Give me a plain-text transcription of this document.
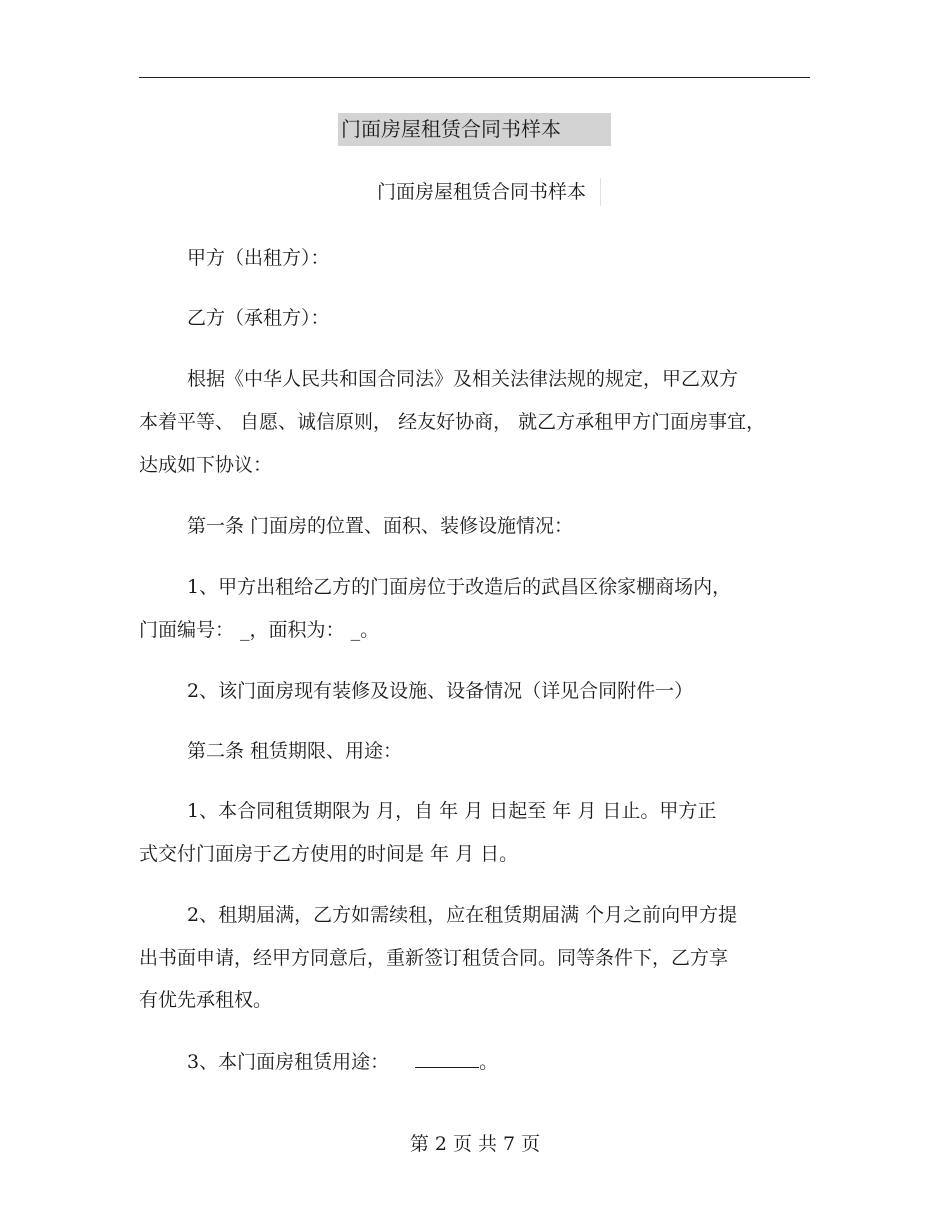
门面房屋租赁合同书样本
门面房屋租赁合同书样本
甲方（出租方）：
乙方（承租方）：
根据《中华人民共和国合同法》及相关法律法规的规定，甲乙双方
本着平等、 自愿、诚信原则， 经友好协商， 就乙方承租甲方门面房事宜，
达成如下协议：
第一条 门面房的位置、面积、装修设施情况：
1、甲方出租给乙方的门面房位于改造后的武昌区徐家棚商场内，
门面编号： _，面积为： _。
2、该门面房现有装修及设施、设备情况（详见合同附件一）
第二条 租赁期限、用途：
1、本合同租赁期限为 月，自 年 月 日起至 年 月 日止。甲方正
式交付门面房于乙方使用的时间是 年 月 日。
2、租期届满，乙方如需续租，应在租赁期届满 个月之前向甲方提
出书面申请，经甲方同意后，重新签订租赁合同。同等条件下，乙方享
有优先承租权。
3、本门面房租赁用途：	。
第 2 页 共 7 页
